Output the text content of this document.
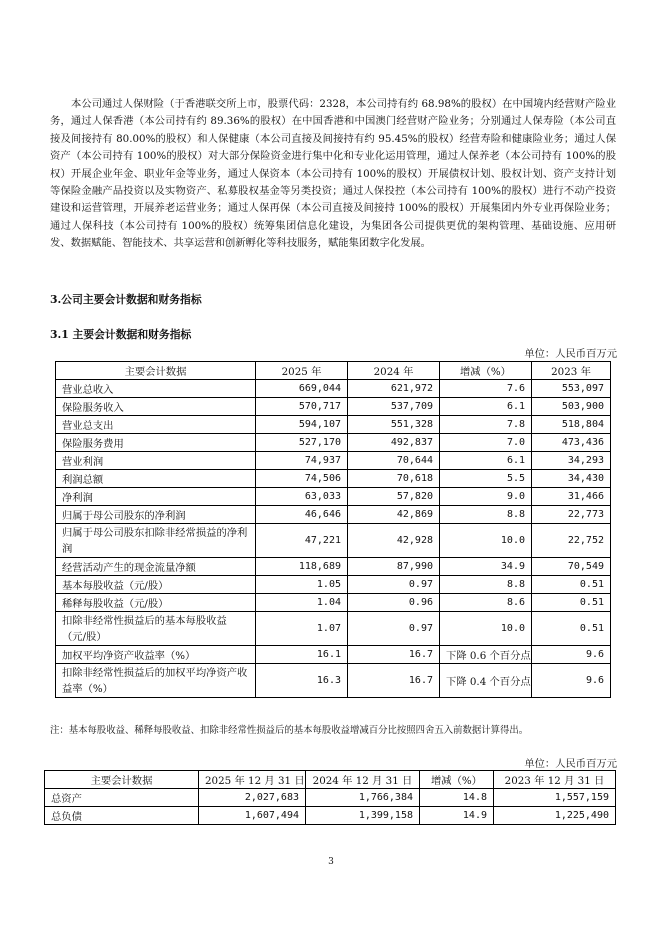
本公司通过人保财险（于香港联交所上市，股票代码：2328，本公司持有约 68.98%的股权）在中国境内经营财产险业务，通过人保香港（本公司持有约 89.36%的股权）在中国香港和中国澳门经营财产险业务；分别通过人保寿险（本公司直接及间接持有 80.00%的股权）和人保健康（本公司直接及间接持有约 95.45%的股权）经营寿险和健康险业务；通过人保资产（本公司持有 100%的股权）对大部分保险资金进行集中化和专业化运用管理，通过人保养老（本公司持有 100%的股权）开展企业年金、职业年金等业务，通过人保资本（本公司持有 100%的股权）开展债权计划、股权计划、资产支持计划等保险金融产品投资以及实物资产、私募股权基金等另类投资；通过人保投控（本公司持有 100%的股权）进行不动产投资建设和运营管理，开展养老运营业务；通过人保再保（本公司直接及间接持 100%的股权）开展集团内外专业再保险业务；通过人保科技（本公司持有 100%的股权）统筹集团信息化建设，为集团各公司提供更优的架构管理、基础设施、应用研发、数据赋能、智能技术、共享运营和创新孵化等科技服务，赋能集团数字化发展。

3.公司主要会计数据和财务指标

3.1 主要会计数据和财务指标

单位：人民币百万元

主要会计数据	2025 年	2024 年	增减（%）	2023 年
营业总收入	669,044	621,972	7.6	553,097
保险服务收入	570,717	537,709	6.1	503,900
营业总支出	594,107	551,328	7.8	518,804
保险服务费用	527,170	492,837	7.0	473,436
营业利润	74,937	70,644	6.1	34,293
利润总额	74,506	70,618	5.5	34,430
净利润	63,033	57,820	9.0	31,466
归属于母公司股东的净利润	46,646	42,869	8.8	22,773
归属于母公司股东扣除非经常损益的净利润	47,221	42,928	10.0	22,752
经营活动产生的现金流量净额	118,689	87,990	34.9	70,549
基本每股收益（元/股）	1.05	0.97	8.8	0.51
稀释每股收益（元/股）	1.04	0.96	8.6	0.51
扣除非经常性损益后的基本每股收益（元/股）	1.07	0.97	10.0	0.51
加权平均净资产收益率（%）	16.1	16.7	下降 0.6 个百分点	9.6
扣除非经常性损益后的加权平均净资产收益率（%）	16.3	16.7	下降 0.4 个百分点	9.6

注：基本每股收益、稀释每股收益、扣除非经常性损益后的基本每股收益增减百分比按照四舍五入前数据计算得出。

单位：人民币百万元

主要会计数据	2025 年 12 月 31 日	2024 年 12 月 31 日	增减（%）	2023 年 12 月 31 日
总资产	2,027,683	1,766,384	14.8	1,557,159
总负债	1,607,494	1,399,158	14.9	1,225,490

3
